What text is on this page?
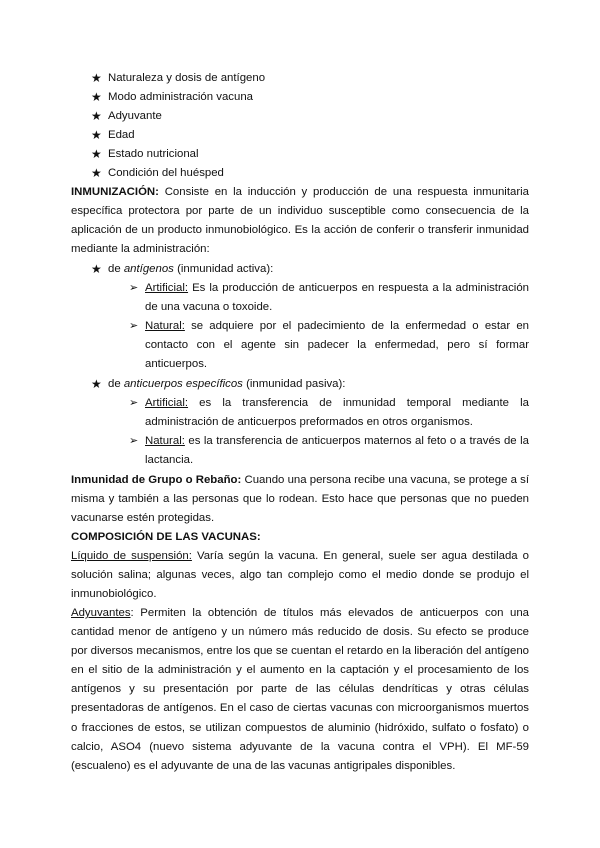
★ Naturaleza y dosis de antígeno
★ Modo administración vacuna
★ Adyuvante
★ Edad
★ Estado nutricional
★ Condición del huésped
INMUNIZACIÓN: Consiste en la inducción y producción de una respuesta inmunitaria específica protectora por parte de un individuo susceptible como consecuencia de la aplicación de un producto inmunobiológico. Es la acción de conferir o transferir inmunidad mediante la administración:
★ de antígenos (inmunidad activa):
➢ Artificial: Es la producción de anticuerpos en respuesta a la administración de una vacuna o toxoide.
➢ Natural: se adquiere por el padecimiento de la enfermedad o estar en contacto con el agente sin padecer la enfermedad, pero sí formar anticuerpos.
★ de anticuerpos específicos (inmunidad pasiva):
➢ Artificial: es la transferencia de inmunidad temporal mediante la administración de anticuerpos preformados en otros organismos.
➢ Natural: es la transferencia de anticuerpos maternos al feto o a través de la lactancia.
Inmunidad de Grupo o Rebaño: Cuando una persona recibe una vacuna, se protege a sí misma y también a las personas que lo rodean. Esto hace que personas que no pueden vacunarse estén protegidas.
COMPOSICIÓN DE LAS VACUNAS:
Líquido de suspensión: Varía según la vacuna. En general, suele ser agua destilada o solución salina; algunas veces, algo tan complejo como el medio donde se produjo el inmunobiológico.
Adyuvantes: Permiten la obtención de títulos más elevados de anticuerpos con una cantidad menor de antígeno y un número más reducido de dosis. Su efecto se produce por diversos mecanismos, entre los que se cuentan el retardo en la liberación del antígeno en el sitio de la administración y el aumento en la captación y el procesamiento de los antígenos y su presentación por parte de las células dendríticas y otras células presentadoras de antígenos. En el caso de ciertas vacunas con microorganismos muertos o fracciones de estos, se utilizan compuestos de aluminio (hidróxido, sulfato o fosfato) o calcio, ASO4 (nuevo sistema adyuvante de la vacuna contra el VPH). El MF-59 (escualeno) es el adyuvante de una de las vacunas antigripales disponibles.
